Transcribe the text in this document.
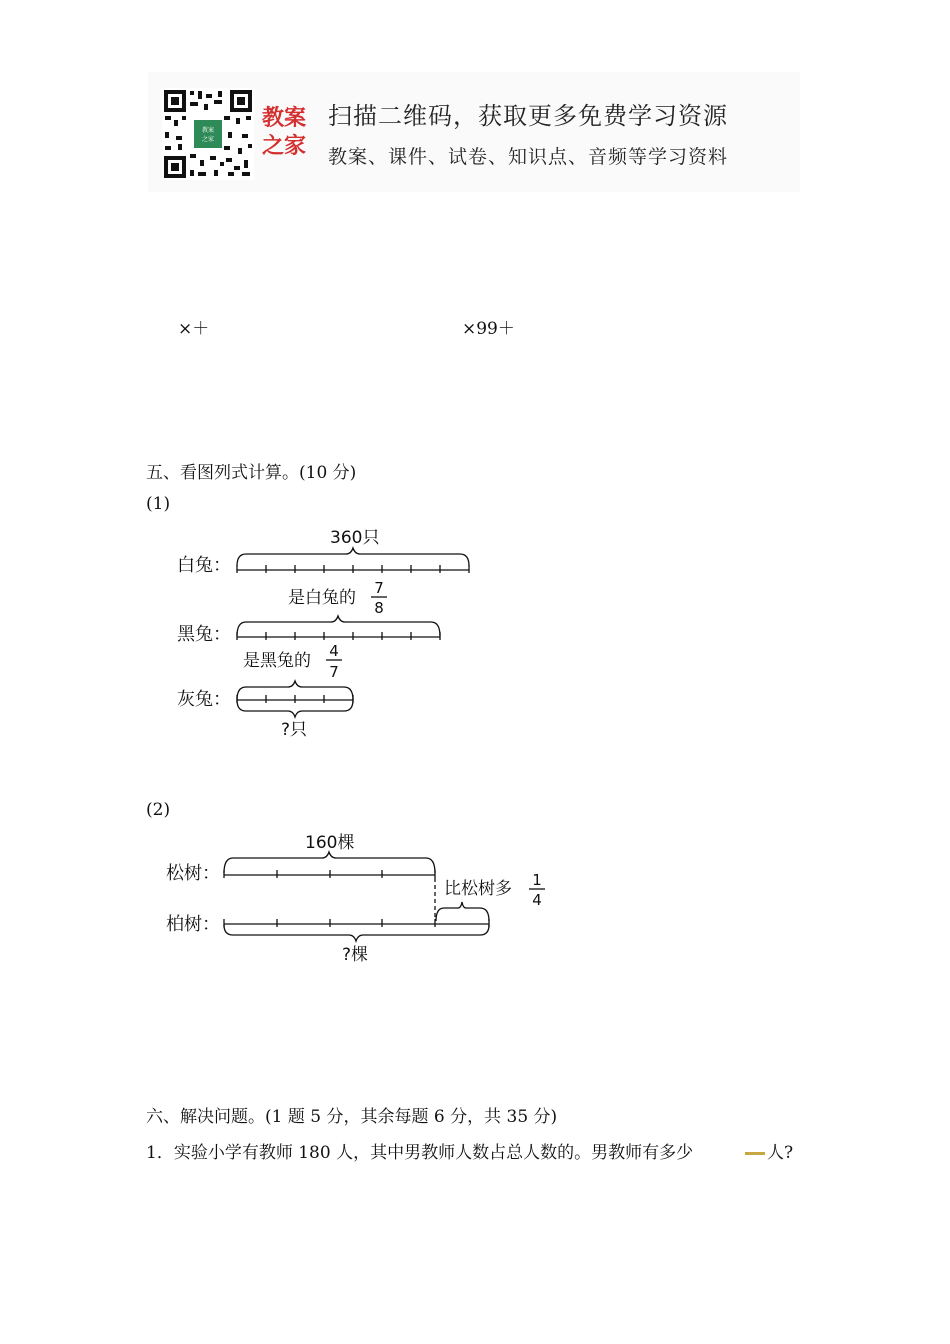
教案
之家
教案
之家
扫描二维码，获取更多免费学习资源
教案、课件、试卷、知识点、音频等学习资料
×＋	×99＋
五、看图列式计算。(10 分)
(1)
白兔：
360只
是白兔的 7
8
黑兔：
是黑兔的 4
7
灰兔：
?只
(2)
松树：
160棵
比松树多 1
4
柏树：
?棵
六、解决问题。(1 题 5 分，其余每题 6 分，共 35 分)
1．实验小学有教师 180 人，其中男教师人数占总人数的。男教师有多少	人?
